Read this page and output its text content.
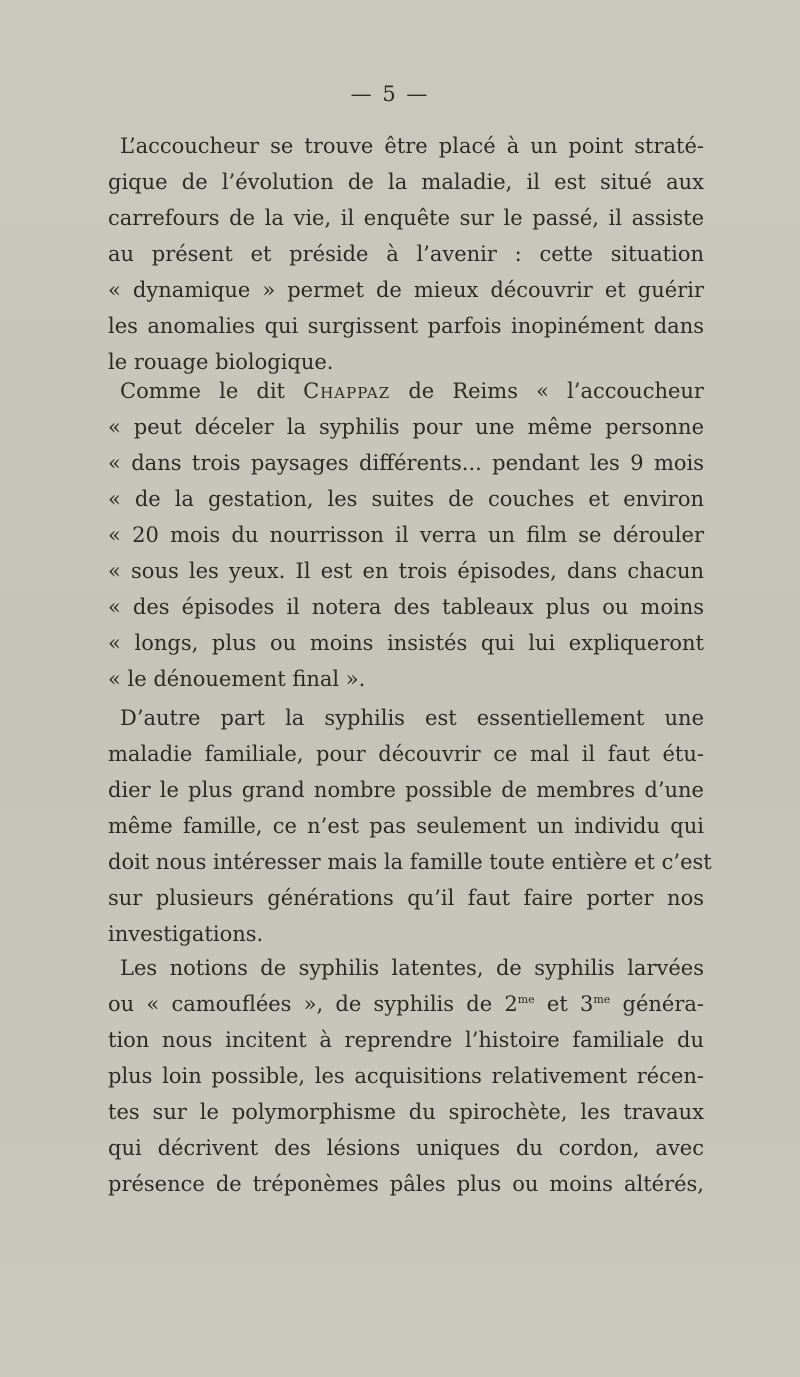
— 5 —
L’accoucheur se trouve être placé à un point straté-
gique de l’évolution de la maladie, il est situé aux
carrefours de la vie, il enquête sur le passé, il assiste
au présent et préside à l’avenir : cette situation
« dynamique » permet de mieux découvrir et guérir
les anomalies qui surgissent parfois inopinément dans
le rouage biologique.
Comme le dit Chappaz de Reims « l’accoucheur
« peut déceler la syphilis pour une même personne
« dans trois paysages différents... pendant les 9 mois
« de la gestation, les suites de couches et environ
« 20 mois du nourrisson il verra un film se dérouler
« sous les yeux. Il est en trois épisodes, dans chacun
« des épisodes il notera des tableaux plus ou moins
« longs, plus ou moins insistés qui lui expliqueront
« le dénouement final ».
D’autre part la syphilis est essentiellement une
maladie familiale, pour découvrir ce mal il faut étu-
dier le plus grand nombre possible de membres d’une
même famille, ce n’est pas seulement un individu qui
doit nous intéresser mais la famille toute entière et c’est
sur plusieurs générations qu’il faut faire porter nos
investigations.
Les notions de syphilis latentes, de syphilis larvées
ou « camouflées », de syphilis de $2^{me}$ et $3^{me}$ généra-
tion nous incitent à reprendre l’histoire familiale du
plus loin possible, les acquisitions relativement récen-
tes sur le polymorphisme du spirochète, les travaux
qui décrivent des lésions uniques du cordon, avec
présence de tréponèmes pâles plus ou moins altérés,
